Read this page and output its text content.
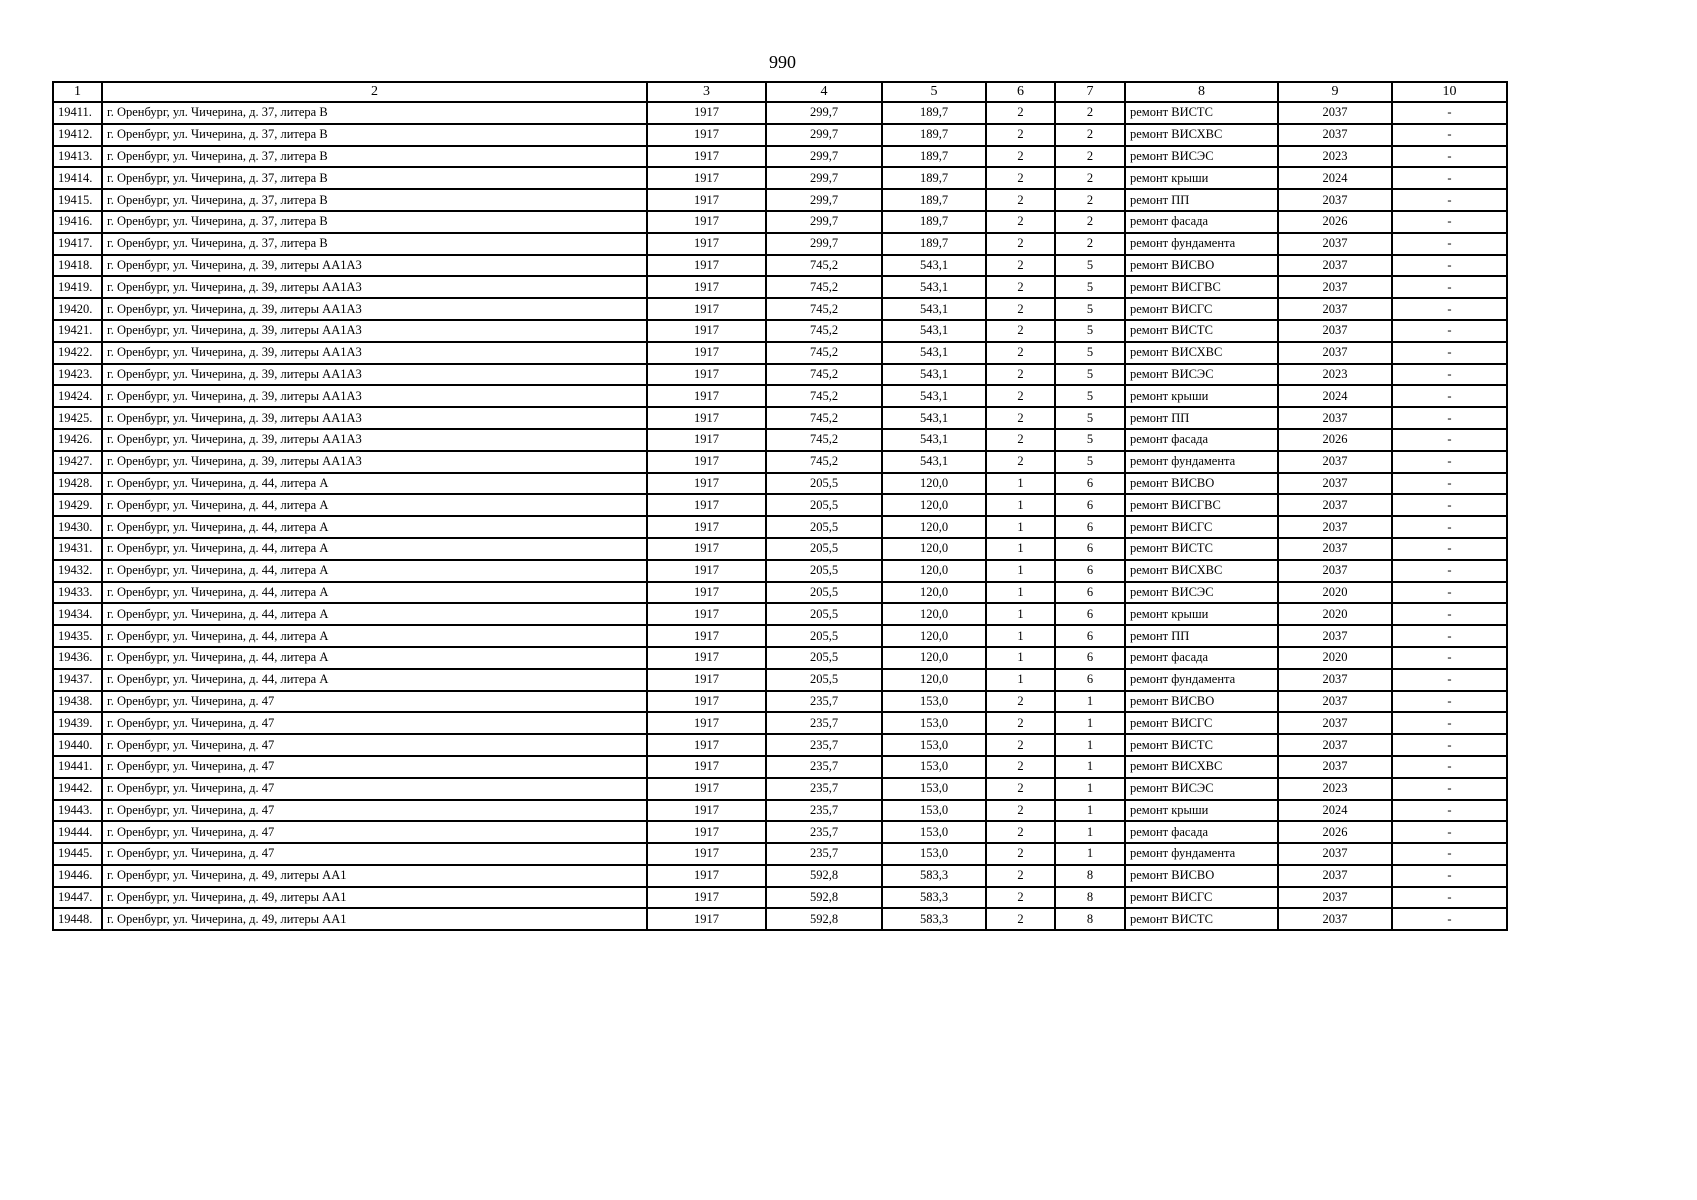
990
1	2	3	4	5	6	7	8	9	10
19411.	г. Оренбург, ул. Чичерина, д. 37, литера В	1917	299,7	189,7	2	2	ремонт ВИСТС	2037	-
19412.	г. Оренбург, ул. Чичерина, д. 37, литера В	1917	299,7	189,7	2	2	ремонт ВИСХВС	2037	-
19413.	г. Оренбург, ул. Чичерина, д. 37, литера В	1917	299,7	189,7	2	2	ремонт ВИСЭС	2023	-
19414.	г. Оренбург, ул. Чичерина, д. 37, литера В	1917	299,7	189,7	2	2	ремонт крыши	2024	-
19415.	г. Оренбург, ул. Чичерина, д. 37, литера В	1917	299,7	189,7	2	2	ремонт ПП	2037	-
19416.	г. Оренбург, ул. Чичерина, д. 37, литера В	1917	299,7	189,7	2	2	ремонт фасада	2026	-
19417.	г. Оренбург, ул. Чичерина, д. 37, литера В	1917	299,7	189,7	2	2	ремонт фундамента	2037	-
19418.	г. Оренбург, ул. Чичерина, д. 39, литеры АА1А3	1917	745,2	543,1	2	5	ремонт ВИСВО	2037	-
19419.	г. Оренбург, ул. Чичерина, д. 39, литеры АА1А3	1917	745,2	543,1	2	5	ремонт ВИСГВС	2037	-
19420.	г. Оренбург, ул. Чичерина, д. 39, литеры АА1А3	1917	745,2	543,1	2	5	ремонт ВИСГС	2037	-
19421.	г. Оренбург, ул. Чичерина, д. 39, литеры АА1А3	1917	745,2	543,1	2	5	ремонт ВИСТС	2037	-
19422.	г. Оренбург, ул. Чичерина, д. 39, литеры АА1А3	1917	745,2	543,1	2	5	ремонт ВИСХВС	2037	-
19423.	г. Оренбург, ул. Чичерина, д. 39, литеры АА1А3	1917	745,2	543,1	2	5	ремонт ВИСЭС	2023	-
19424.	г. Оренбург, ул. Чичерина, д. 39, литеры АА1А3	1917	745,2	543,1	2	5	ремонт крыши	2024	-
19425.	г. Оренбург, ул. Чичерина, д. 39, литеры АА1А3	1917	745,2	543,1	2	5	ремонт ПП	2037	-
19426.	г. Оренбург, ул. Чичерина, д. 39, литеры АА1А3	1917	745,2	543,1	2	5	ремонт фасада	2026	-
19427.	г. Оренбург, ул. Чичерина, д. 39, литеры АА1А3	1917	745,2	543,1	2	5	ремонт фундамента	2037	-
19428.	г. Оренбург, ул. Чичерина, д. 44, литера А	1917	205,5	120,0	1	6	ремонт ВИСВО	2037	-
19429.	г. Оренбург, ул. Чичерина, д. 44, литера А	1917	205,5	120,0	1	6	ремонт ВИСГВС	2037	-
19430.	г. Оренбург, ул. Чичерина, д. 44, литера А	1917	205,5	120,0	1	6	ремонт ВИСГС	2037	-
19431.	г. Оренбург, ул. Чичерина, д. 44, литера А	1917	205,5	120,0	1	6	ремонт ВИСТС	2037	-
19432.	г. Оренбург, ул. Чичерина, д. 44, литера А	1917	205,5	120,0	1	6	ремонт ВИСХВС	2037	-
19433.	г. Оренбург, ул. Чичерина, д. 44, литера А	1917	205,5	120,0	1	6	ремонт ВИСЭС	2020	-
19434.	г. Оренбург, ул. Чичерина, д. 44, литера А	1917	205,5	120,0	1	6	ремонт крыши	2020	-
19435.	г. Оренбург, ул. Чичерина, д. 44, литера А	1917	205,5	120,0	1	6	ремонт ПП	2037	-
19436.	г. Оренбург, ул. Чичерина, д. 44, литера А	1917	205,5	120,0	1	6	ремонт фасада	2020	-
19437.	г. Оренбург, ул. Чичерина, д. 44, литера А	1917	205,5	120,0	1	6	ремонт фундамента	2037	-
19438.	г. Оренбург, ул. Чичерина, д. 47	1917	235,7	153,0	2	1	ремонт ВИСВО	2037	-
19439.	г. Оренбург, ул. Чичерина, д. 47	1917	235,7	153,0	2	1	ремонт ВИСГС	2037	-
19440.	г. Оренбург, ул. Чичерина, д. 47	1917	235,7	153,0	2	1	ремонт ВИСТС	2037	-
19441.	г. Оренбург, ул. Чичерина, д. 47	1917	235,7	153,0	2	1	ремонт ВИСХВС	2037	-
19442.	г. Оренбург, ул. Чичерина, д. 47	1917	235,7	153,0	2	1	ремонт ВИСЭС	2023	-
19443.	г. Оренбург, ул. Чичерина, д. 47	1917	235,7	153,0	2	1	ремонт крыши	2024	-
19444.	г. Оренбург, ул. Чичерина, д. 47	1917	235,7	153,0	2	1	ремонт фасада	2026	-
19445.	г. Оренбург, ул. Чичерина, д. 47	1917	235,7	153,0	2	1	ремонт фундамента	2037	-
19446.	г. Оренбург, ул. Чичерина, д. 49, литеры АА1	1917	592,8	583,3	2	8	ремонт ВИСВО	2037	-
19447.	г. Оренбург, ул. Чичерина, д. 49, литеры АА1	1917	592,8	583,3	2	8	ремонт ВИСГС	2037	-
19448.	г. Оренбург, ул. Чичерина, д. 49, литеры АА1	1917	592,8	583,3	2	8	ремонт ВИСТС	2037	-
